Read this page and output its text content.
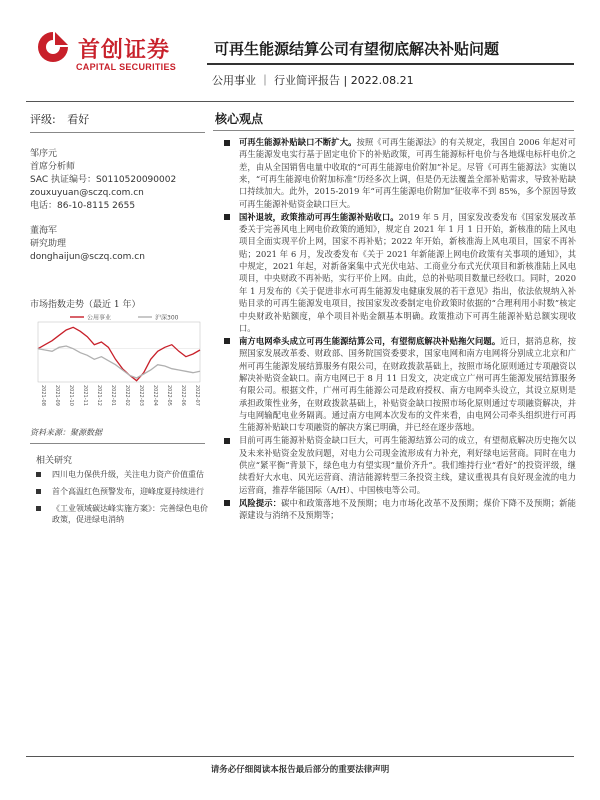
首创证券
CAPITAL SECURITIES
可再生能源结算公司有望彻底解决补贴问题
公用事业 ｜ 行业简评报告 | 2022.08.21
评级: 看好
邹序元
首席分析师
SAC 执证编号：S0110520090002
zouxuyuan@sczq.com.cn
电话：86-10-8115 2655
董海军
研究助理
donghaijun@sczq.com.cn
市场指数走势（最近 1 年）
公用事业	沪深300
2021-08 2021-09 2021-10 2021-11 2021-12 2022-01 2022-02 2022-03 2022-04 2022-05 2022-06 2022-07
资料来源：聚源数据
相关研究
四川电力保供升级，关注电力资产价值重估
首个高温红色预警发布，迎峰度夏持续进行
《工业领域碳达峰实施方案》：完善绿色电价政策，促进绿电消纳
核心观点
可再生能源补贴缺口不断扩大。按照《可再生能源法》的有关规定，我国自 2006 年起对可再生能源发电实行基于固定电价下的补贴政策，可再生能源标杆电价与各地煤电标杆电价之差，由从全国销售电量中收取的“可再生能源电价附加”补足。尽管《可再生能源法》实施以来，“可再生能源电价附加标准”历经多次上调，但是仍无法覆盖全部补贴需求，导致补贴缺口持续加大。此外，2015-2019 年“可再生能源电价附加”征收率不到 85%，多个原因导致可再生能源补贴资金缺口巨大。
国补退坡，政策推动可再生能源补贴收口。2019 年 5 月，国家发改委发布《国家发展改革委关于完善风电上网电价政策的通知》，规定自 2021 年 1 月 1 日开始，新核准的陆上风电项目全面实现平价上网，国家不再补贴；2022 年开始，新核准海上风电项目，国家不再补贴；2021 年 6 月，发改委发布《关于 2021 年新能源上网电价政策有关事项的通知》，其中规定，2021 年起，对新备案集中式光伏电站、工商业分布式光伏项目和新核准陆上风电项目，中央财政不再补贴，实行平价上网。由此，总的补贴项目数量已经收口。同时，2020 年 1 月发布的《关于促进非水可再生能源发电健康发展的若干意见》指出，依法依规纳入补贴目录的可再生能源发电项目，按国家发改委制定电价政策时依据的“合理利用小时数”核定中央财政补贴额度，单个项目补贴金额基本明确。政策推动下可再生能源补贴总额实现收口。
南方电网牵头成立可再生能源结算公司，有望彻底解决补贴拖欠问题。近日，据消息称，按照国家发展改革委、财政部、国务院国资委要求，国家电网和南方电网将分别成立北京和广州可再生能源发展结算服务有限公司，在财政拨款基础上，按照市场化原则通过专项融资以解决补贴资金缺口。南方电网已于 8 月 11 日发文，决定成立广州可再生能源发展结算服务有限公司。根据文件，广州可再生能源公司是政府授权、南方电网牵头设立，其设立原则是承担政策性业务，在财政拨款基础上，补贴资金缺口按照市场化原则通过专项融资解决，并与电网输配电业务隔离。通过南方电网本次发布的文件来看，由电网公司牵头组织进行可再生能源补贴缺口专项融资的解决方案已明确，并已经在逐步落地。
目前可再生能源补贴资金缺口巨大，可再生能源结算公司的成立，有望彻底解决历史拖欠以及未来补贴资金发放问题，对电力公司现金流形成有力补充，利好绿电运营商。同时在电力供应“紧平衡”背景下，绿色电力有望实现“量价齐升”。我们维持行业“看好”的投资评级，继续看好大水电、风光运营商、清洁能源转型三条投资主线，建议重视具有良好现金流的电力运营商，推荐华能国际（A/H）、中国核电等公司。
风险提示：碳中和政策落地不及预期；电力市场化改革不及预期；煤价下降不及预期；新能源建设与消纳不及预期等；
请务必仔细阅读本报告最后部分的重要法律声明
